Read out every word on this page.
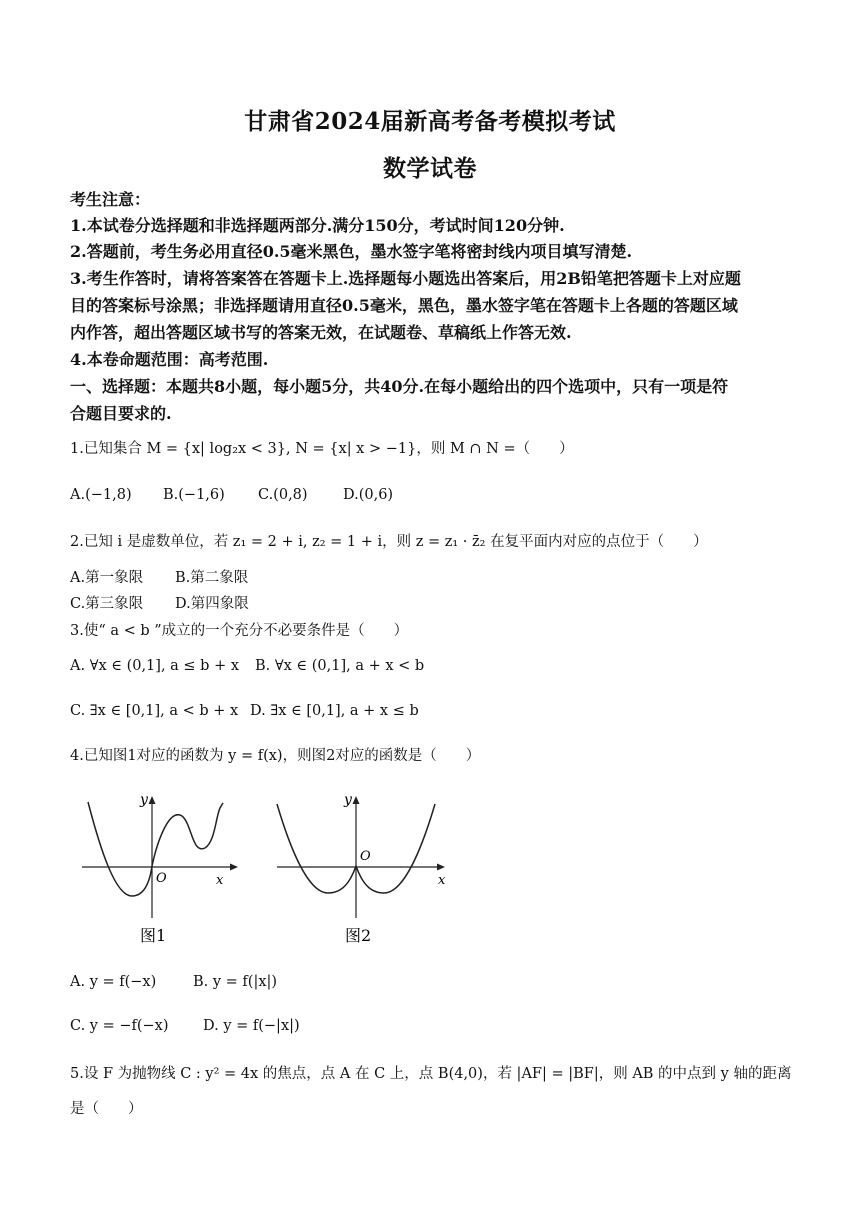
甘肃省2024届新高考备考模拟考试
数学试卷
考生注意：
1.本试卷分选择题和非选择题两部分.满分150分，考试时间120分钟.
2.答题前，考生务必用直径0.5毫米黑色，墨水签字笔将密封线内项目填写清楚.
3.考生作答时，请将答案答在答题卡上.选择题每小题选出答案后，用2B铅笔把答题卡上对应题
目的答案标号涂黑；非选择题请用直径0.5毫米，黑色，墨水签字笔在答题卡上各题的答题区域
内作答，超出答题区域书写的答案无效，在试题卷、草稿纸上作答无效.
4.本卷命题范围：高考范围.
一、选择题：本题共8小题，每小题5分，共40分.在每小题给出的四个选项中，只有一项是符
合题目要求的.
1.已知集合 M = {x| log₂x < 3}, N = {x| x > −1}，则 M ∩ N =（　　）
A.(−1,8) B.(−1,6) C.(0,8) D.(0,6)
2.已知 i 是虚数单位，若 z₁ = 2 + i, z₂ = 1 + i，则 z = z₁ · z̄₂ 在复平面内对应的点位于（　　）
A.第一象限 B.第二象限
C.第三象限 D.第四象限
3.使“ a < b ”成立的一个充分不必要条件是（　　）
A. ∀x ∈ (0,1], a ≤ b + x B. ∀x ∈ (0,1], a + x < b
C. ∃x ∈ [0,1], a < b + x D. ∃x ∈ [0,1], a + x ≤ b
4.已知图1对应的函数为 y = f(x)，则图2对应的函数是（　　）
y
O	x
图1
y
O
x
图2
A. y = f(−x)	B. y = f(|x|)
C. y = −f(−x) D. y = f(−|x|)
5.设 F 为抛物线 C : y² = 4x 的焦点，点 A 在 C 上，点 B(4,0)，若 |AF| = |BF|，则 AB 的中点到 y 轴的距离
是（　　）
